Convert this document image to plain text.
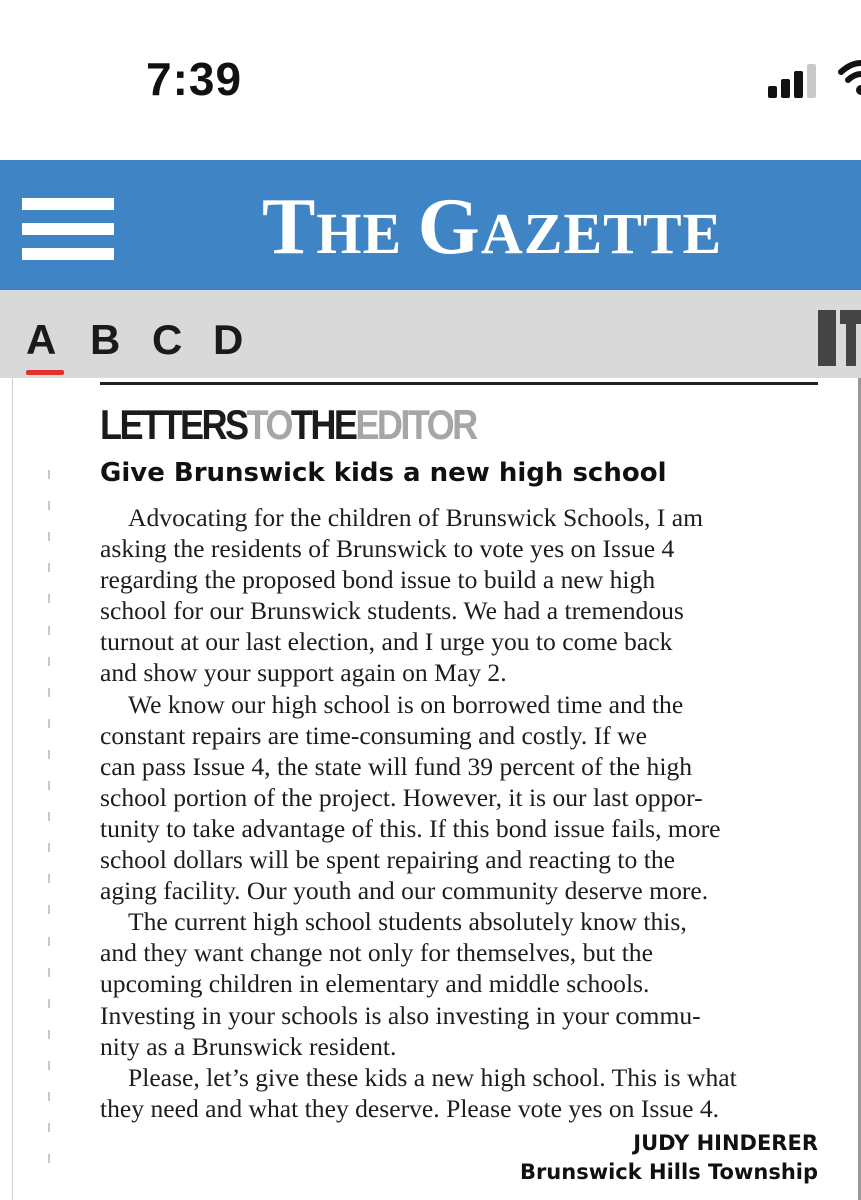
7:39
THE GAZETTE
A B C D
LETTERSTOTHEEDITOR
Give Brunswick kids a new high school
Advocating for the children of Brunswick Schools, I am
asking the residents of Brunswick to vote yes on Issue 4
regarding the proposed bond issue to build a new high
school for our Brunswick students. We had a tremendous
turnout at our last election, and I urge you to come back
and show your support again on May 2.
We know our high school is on borrowed time and the
constant repairs are time-consuming and costly. If we
can pass Issue 4, the state will fund 39 percent of the high
school portion of the project. However, it is our last oppor-
tunity to take advantage of this. If this bond issue fails, more
school dollars will be spent repairing and reacting to the
aging facility. Our youth and our community deserve more.
The current high school students absolutely know this,
and they want change not only for themselves, but the
upcoming children in elementary and middle schools.
Investing in your schools is also investing in your commu-
nity as a Brunswick resident.
Please, let’s give these kids a new high school. This is what
they need and what they deserve. Please vote yes on Issue 4.
JUDY HINDERER
Brunswick Hills Township
